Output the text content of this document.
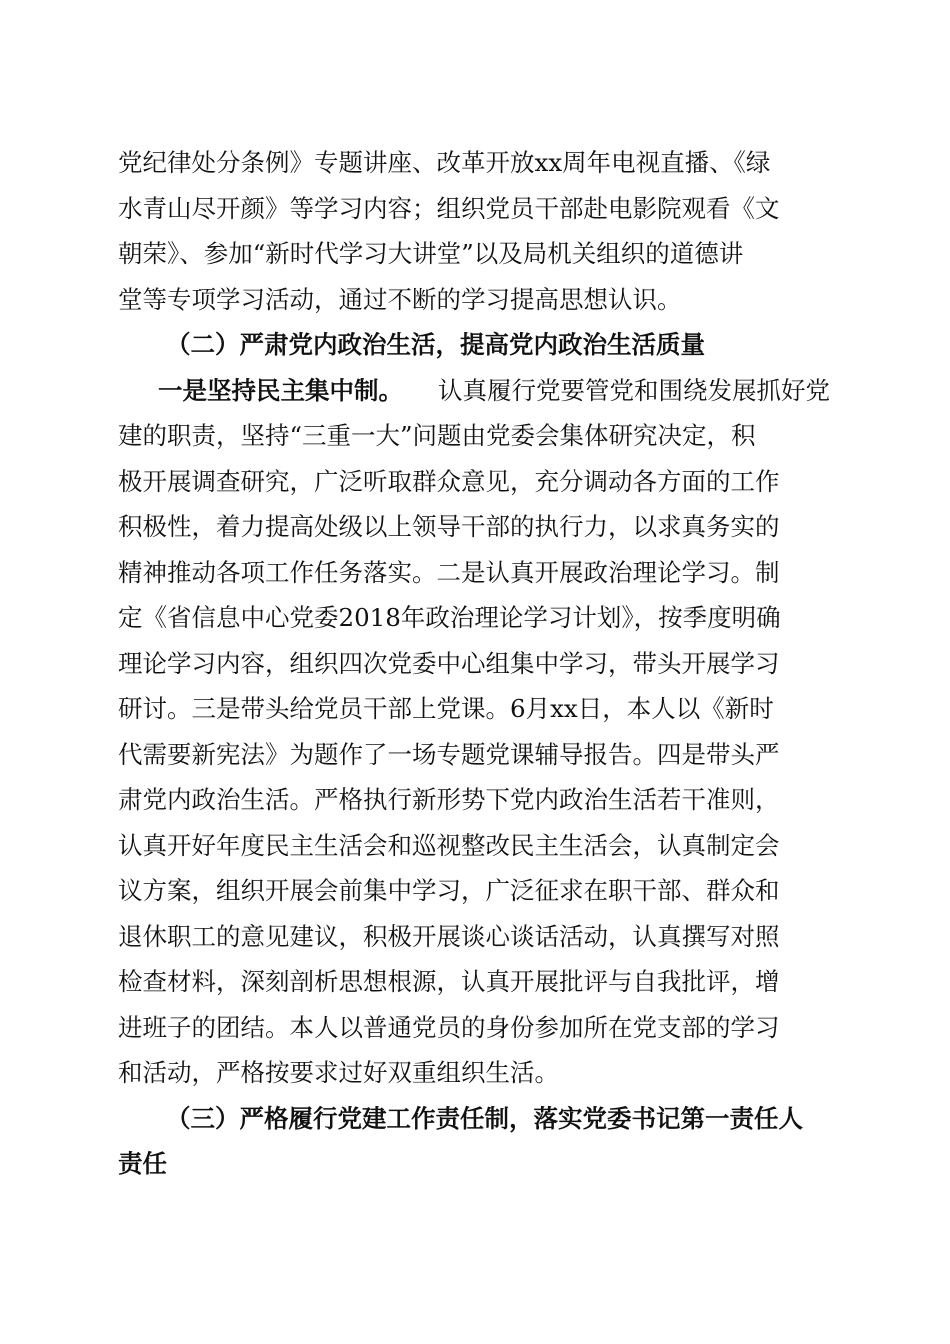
党纪律处分条例》专题讲座、改革开放xx周年电视直播、《绿
水青山尽开颜》等学习内容；组织党员干部赴电影院观看《文
朝荣》、参加“新时代学习大讲堂”以及局机关组织的道德讲
堂等专项学习活动，通过不断的学习提高思想认识。
（二）严肃党内政治生活，提高党内政治生活质量
一是坚持民主集中制。 认真履行党要管党和围绕发展抓好党
建的职责，坚持“三重一大”问题由党委会集体研究决定，积
极开展调查研究，广泛听取群众意见，充分调动各方面的工作
积极性，着力提高处级以上领导干部的执行力，以求真务实的
精神推动各项工作任务落实。二是认真开展政治理论学习。制
定《省信息中心党委2018年政治理论学习计划》，按季度明确
理论学习内容，组织四次党委中心组集中学习，带头开展学习
研讨。三是带头给党员干部上党课。6月xx日，本人以《新时
代需要新宪法》为题作了一场专题党课辅导报告。四是带头严
肃党内政治生活。严格执行新形势下党内政治生活若干准则，
认真开好年度民主生活会和巡视整改民主生活会，认真制定会
议方案，组织开展会前集中学习，广泛征求在职干部、群众和
退休职工的意见建议，积极开展谈心谈话活动，认真撰写对照
检查材料，深刻剖析思想根源，认真开展批评与自我批评，增
进班子的团结。本人以普通党员的身份参加所在党支部的学习
和活动，严格按要求过好双重组织生活。
（三）严格履行党建工作责任制，落实党委书记第一责任人
责任
